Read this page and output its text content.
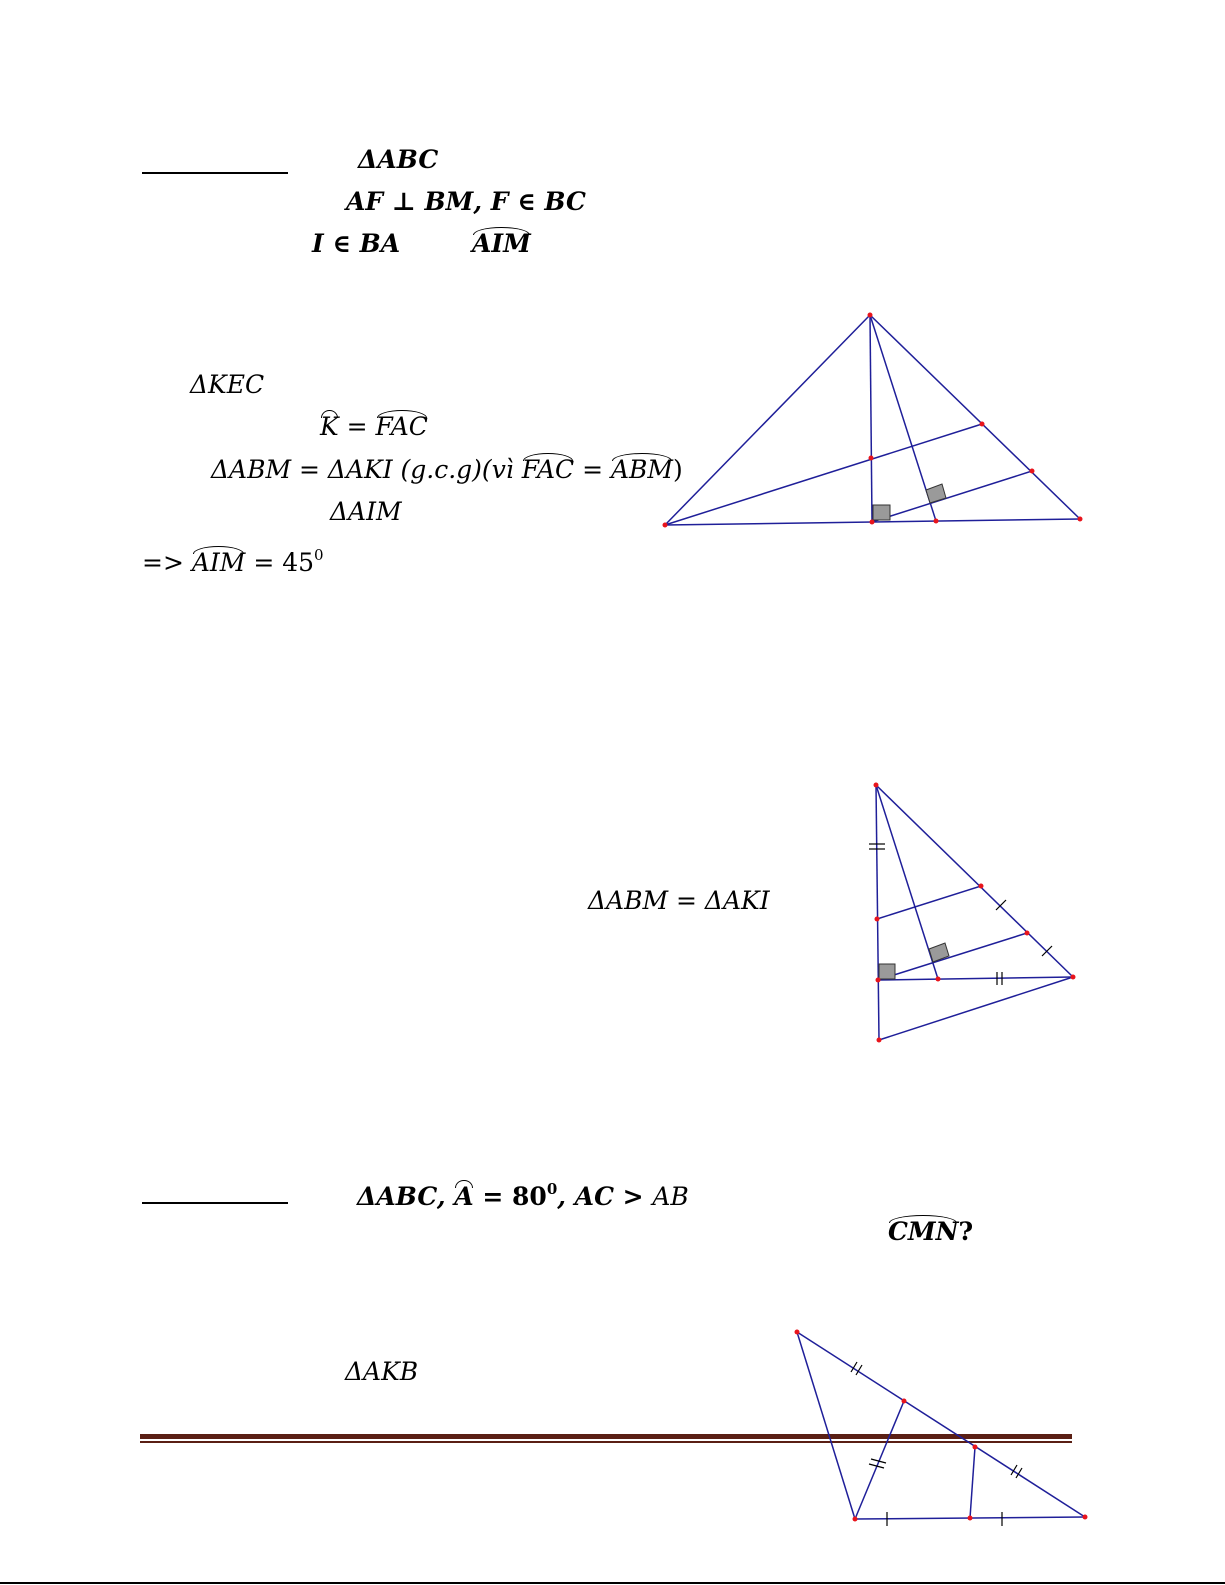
ΔABC
AF ⊥ BM, F ∈ BC
I ∈ BA	AIM
ΔKEC
K = FAC
ΔABM = ΔAKI (g.c.g)(vì FAC = ABM)
ΔAIM
=> AIM = $45^0$
ΔABM = ΔAKI
ΔABC, $A = 80^0$, AC > AB
CMN?
ΔAKB
